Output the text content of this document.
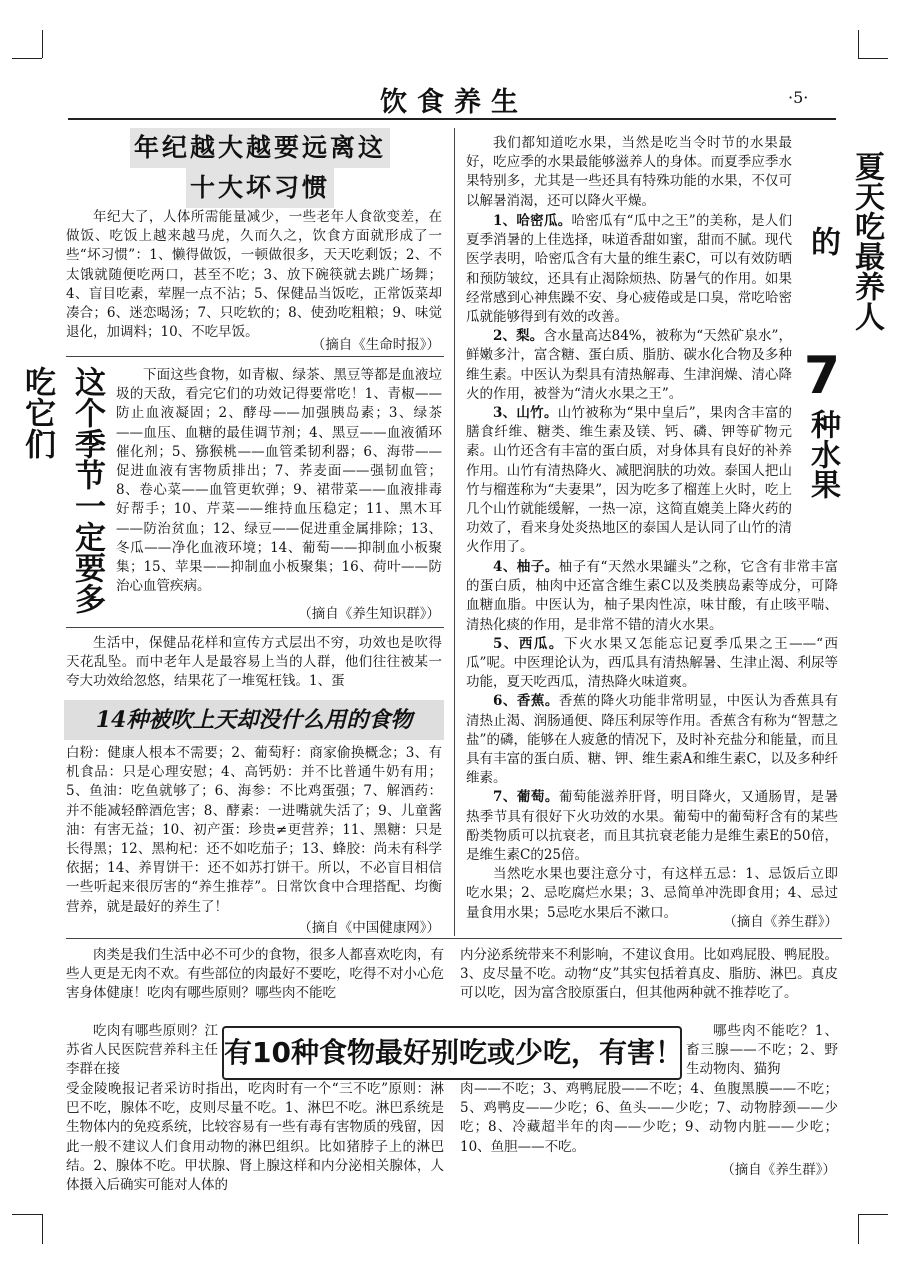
饮食养生	·5·
年纪越大越要远离这
十大坏习惯

年纪大了，人体所需能量减少，一些老年人食欲变差，在做饭、吃饭上越来越马虎，久而久之，饮食方面就形成了一些“坏习惯”：1、懒得做饭，一顿做很多，天天吃剩饭；2、不太饿就随便吃两口，甚至不吃；3、放下碗筷就去跳广场舞；4、盲目吃素，荤腥一点不沾；5、保健品当饭吃，正常饭菜却凑合；6、迷恋喝汤；7、只吃软的；8、使劲吃粗粮；9、味觉退化，加调料；10、不吃早饭。

（摘自《生命时报》）
这个季节一定要多吃它们	下面这些食物，如青椒、绿茶、黑豆等都是血液垃圾的天敌，看完它们的功效记得要常吃！1、青椒——防止血液凝固；2、酵母——加强胰岛素；3、绿茶——血压、血糖的最佳调节剂；4、黑豆——血液循环催化剂；5、猕猴桃——血管柔韧利器；6、海带——促进血液有害物质排出；7、荞麦面——强韧血管；8、卷心菜——血管更软弹；9、裙带菜——血液排毒好帮手；10、芹菜——维持血压稳定；11、黑木耳——防治贫血；12、绿豆——促进重金属排除；13、冬瓜——净化血液环境；14、葡萄——抑制血小板聚集；15、苹果——抑制血小板聚集；16、荷叶——防治心血管疾病。

（摘自《养生知识群》）

生活中，保健品花样和宣传方式层出不穷，功效也是吹得天花乱坠。而中老年人是最容易上当的人群，他们往往被某一夸大功效给忽悠，结果花了一堆冤枉钱。1、蛋

14种被吹上天却没什么用的食物

白粉：健康人根本不需要；2、葡萄籽：商家偷换概念；3、有机食品：只是心理安慰；4、高钙奶：并不比普通牛奶有用；5、鱼油：吃鱼就够了；6、海参：不比鸡蛋强；7、解酒药：并不能减轻醉酒危害；8、酵素：一进嘴就失活了；9、儿童酱油：有害无益；10、初产蛋：珍贵≠更营养；11、黑糖：只是长得黑；12、黑枸杞：还不如吃茄子；13、蜂胶：尚未有科学依据；14、养胃饼干：还不如苏打饼干。所以，不必盲目相信一些听起来很厉害的“养生推荐”。日常饮食中合理搭配、均衡营养，就是最好的养生了！

（摘自《中国健康网》）

我们都知道吃水果，当然是吃当令时节的水果最好，吃应季的水果最能够滋养人的身体。而夏季应季水果特别多，尤其是一些还具有特殊功能的水果，不仅可以解暑消渴，还可以降火平燥。	夏天吃最养人的
7
种水果

1、哈密瓜。哈密瓜有“瓜中之王”的美称，是人们夏季消暑的上佳选择，味道香甜如蜜，甜而不腻。现代医学表明，哈密瓜含有大量的维生素C，可以有效防晒和预防皱纹，还具有止渴除烦热、防暑气的作用。如果经常感到心神焦躁不安、身心疲倦或是口臭，常吃哈密瓜就能够得到有效的改善。

2、梨。含水量高达84%，被称为“天然矿泉水”，鲜嫩多汁，富含糖、蛋白质、脂肪、碳水化合物及多种维生素。中医认为梨具有清热解毒、生津润燥、清心降火的作用，被誉为“清火水果之王”。

3、山竹。山竹被称为“果中皇后”，果肉含丰富的膳食纤维、糖类、维生素及镁、钙、磷、钾等矿物元素。山竹还含有丰富的蛋白质，对身体具有良好的补养作用。山竹有清热降火、减肥润肤的功效。泰国人把山竹与榴莲称为“夫妻果”，因为吃多了榴莲上火时，吃上几个山竹就能缓解，一热一凉，这简直媲美上降火药的功效了，看来身处炎热地区的泰国人是认同了山竹的清火作用了。

4、柚子。柚子有“天然水果罐头”之称，它含有非常丰富的蛋白质，柚肉中还富含维生素C以及类胰岛素等成分，可降血糖血脂。中医认为，柚子果肉性凉，味甘酸，有止咳平喘、清热化痰的作用，是非常不错的清火水果。

5、西瓜。下火水果又怎能忘记夏季瓜果之王——“西瓜”呢。中医理论认为，西瓜具有清热解暑、生津止渴、利尿等功能，夏天吃西瓜，清热降火味道爽。

6、香蕉。香蕉的降火功能非常明显，中医认为香蕉具有清热止渴、润肠通便、降压利尿等作用。香蕉含有称为“智慧之盐”的磷，能够在人疲惫的情况下，及时补充盐分和能量，而且具有丰富的蛋白质、糖、钾、维生素A和维生素C，以及多种纤维素。

7、葡萄。葡萄能滋养肝肾，明目降火，又通肠胃，是暑热季节具有很好下火功效的水果。葡萄中的葡萄籽含有的某些酚类物质可以抗衰老，而且其抗衰老能力是维生素E的50倍，是维生素C的25倍。

当然吃水果也要注意分寸，有这样五忌：1、忌饭后立即吃水果；2、忌吃腐烂水果；3、忌简单冲洗即食用；4、忌过量食用水果；5忌吃水果后不漱口。

（摘自《养生群》）

肉类是我们生活中必不可少的食物，很多人都喜欢吃肉，有些人更是无肉不欢。有些部位的肉最好不要吃，吃得不对小心危害身体健康！吃肉有哪些原则？哪些肉不能吃

吃肉有哪些原则？江苏省人民医院营养科主任李群在接

受金陵晚报记者采访时指出，吃肉时有一个“三不吃”原则：淋巴不吃，腺体不吃，皮则尽量不吃。1、淋巴不吃。淋巴系统是生物体内的免疫系统，比较容易有一些有毒有害物质的残留，因此一般不建议人们食用动物的淋巴组织。比如猪脖子上的淋巴结。2、腺体不吃。甲状腺、肾上腺这样和内分泌相关腺体，人体摄入后确实可能对人体的

内分泌系统带来不利影响，不建议食用。比如鸡屁股、鸭屁股。3、皮尽量不吃。动物“皮”其实包括着真皮、脂肪、淋巴。真皮可以吃，因为富含胶原蛋白，但其他两种就不推荐吃了。

哪些肉不能吃？1、畜三腺——不吃；2、野生动物肉、猫狗

肉——不吃；3、鸡鸭屁股——不吃；4、鱼腹黑膜——不吃；5、鸡鸭皮——少吃；6、鱼头——少吃；7、动物脖颈——少吃；8、冷藏超半年的肉——少吃；9、动物内脏——少吃；10、鱼胆——不吃。

有10种食物最好别吃或少吃，有害！
（摘自《养生群》）
